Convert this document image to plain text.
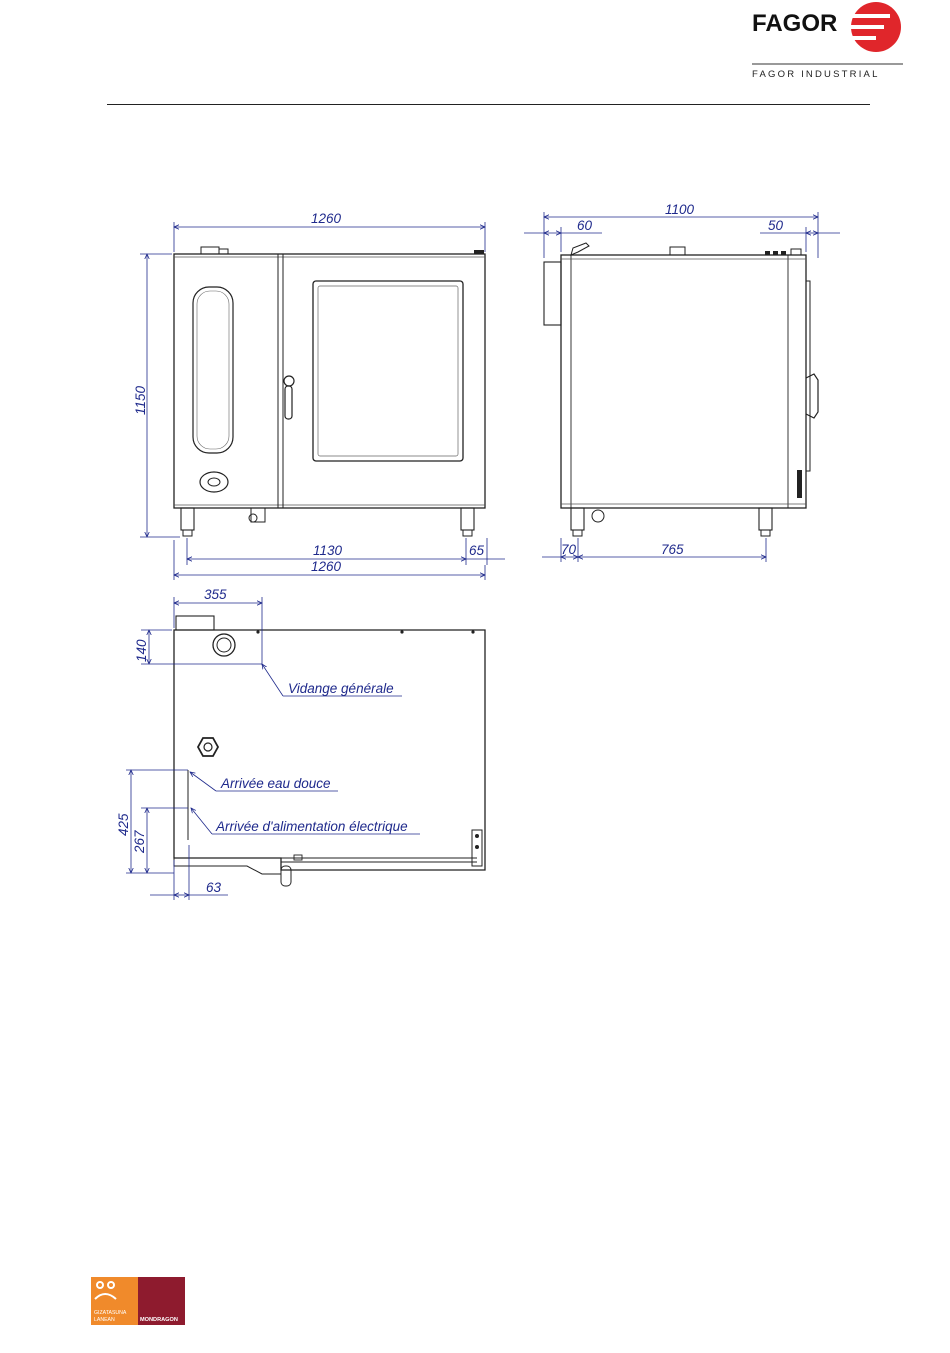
FAGOR
FAGOR INDUSTRIAL
1260
1150
1130	65
1260
1100
60	50
70	765
355
140
425
267
63
Vidange générale
Arrivée eau douce
Arrivée d'alimentation électrique
GIZATASUNA
LANEAN	MONDRAGON
